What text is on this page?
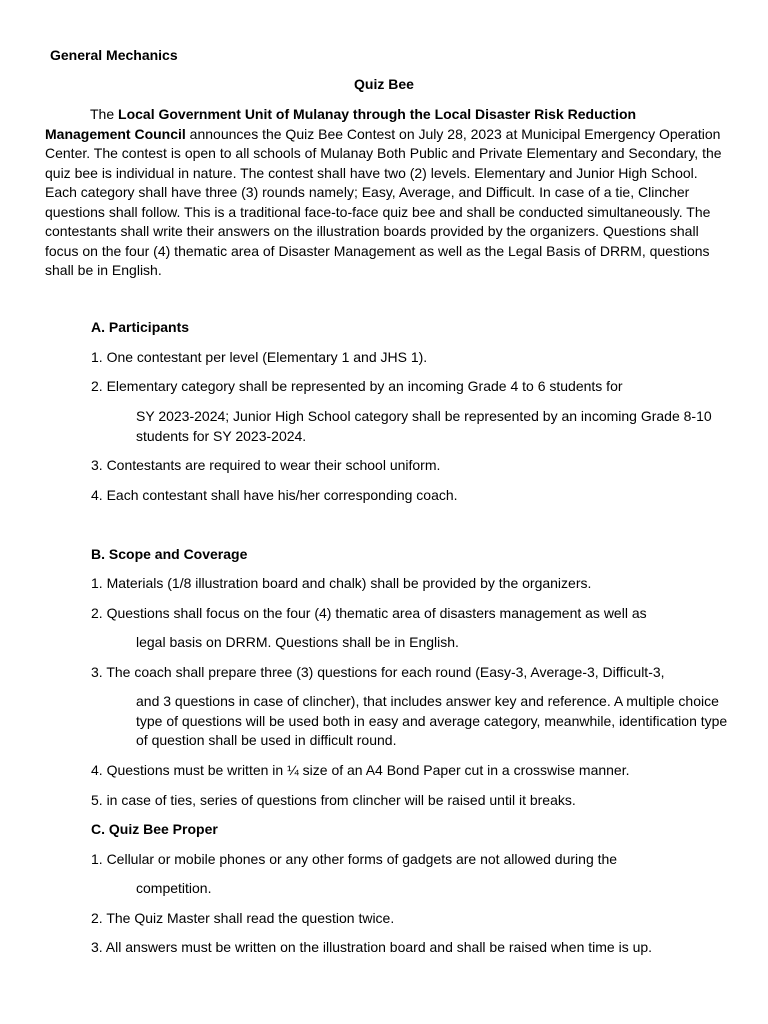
General Mechanics

Quiz Bee

The Local Government Unit of Mulanay through the Local Disaster Risk Reduction Management Council announces the Quiz Bee Contest on July 28, 2023 at Municipal Emergency Operation Center. The contest is open to all schools of Mulanay Both Public and Private Elementary and Secondary, the quiz bee is individual in nature. The contest shall have two (2) levels. Elementary and Junior High School. Each category shall have three (3) rounds namely; Easy, Average, and Difficult. In case of a tie, Clincher questions shall follow. This is a traditional face-to-face quiz bee and shall be conducted simultaneously. The contestants shall write their answers on the illustration boards provided by the organizers. Questions shall focus on the four (4) thematic area of Disaster Management as well as the Legal Basis of DRRM, questions shall be in English.

A. Participants

1. One contestant per level (Elementary 1 and JHS 1).

2. Elementary category shall be represented by an incoming Grade 4 to 6 students for

SY 2023-2024; Junior High School category shall be represented by an incoming Grade 8-10 students for SY 2023-2024.

3. Contestants are required to wear their school uniform.

4. Each contestant shall have his/her corresponding coach.

B. Scope and Coverage

1. Materials (1/8 illustration board and chalk) shall be provided by the organizers.

2. Questions shall focus on the four (4) thematic area of disasters management as well as

legal basis on DRRM. Questions shall be in English.

3. The coach shall prepare three (3) questions for each round (Easy-3, Average-3, Difficult-3,

and 3 questions in case of clincher), that includes answer key and reference. A multiple choice type of questions will be used both in easy and average category, meanwhile, identification type of question shall be used in difficult round.

4. Questions must be written in ¼ size of an A4 Bond Paper cut in a crosswise manner.

5. in case of ties, series of questions from clincher will be raised until it breaks.

C. Quiz Bee Proper

1. Cellular or mobile phones or any other forms of gadgets are not allowed during the

competition.

2. The Quiz Master shall read the question twice.

3. All answers must be written on the illustration board and shall be raised when time is up.
